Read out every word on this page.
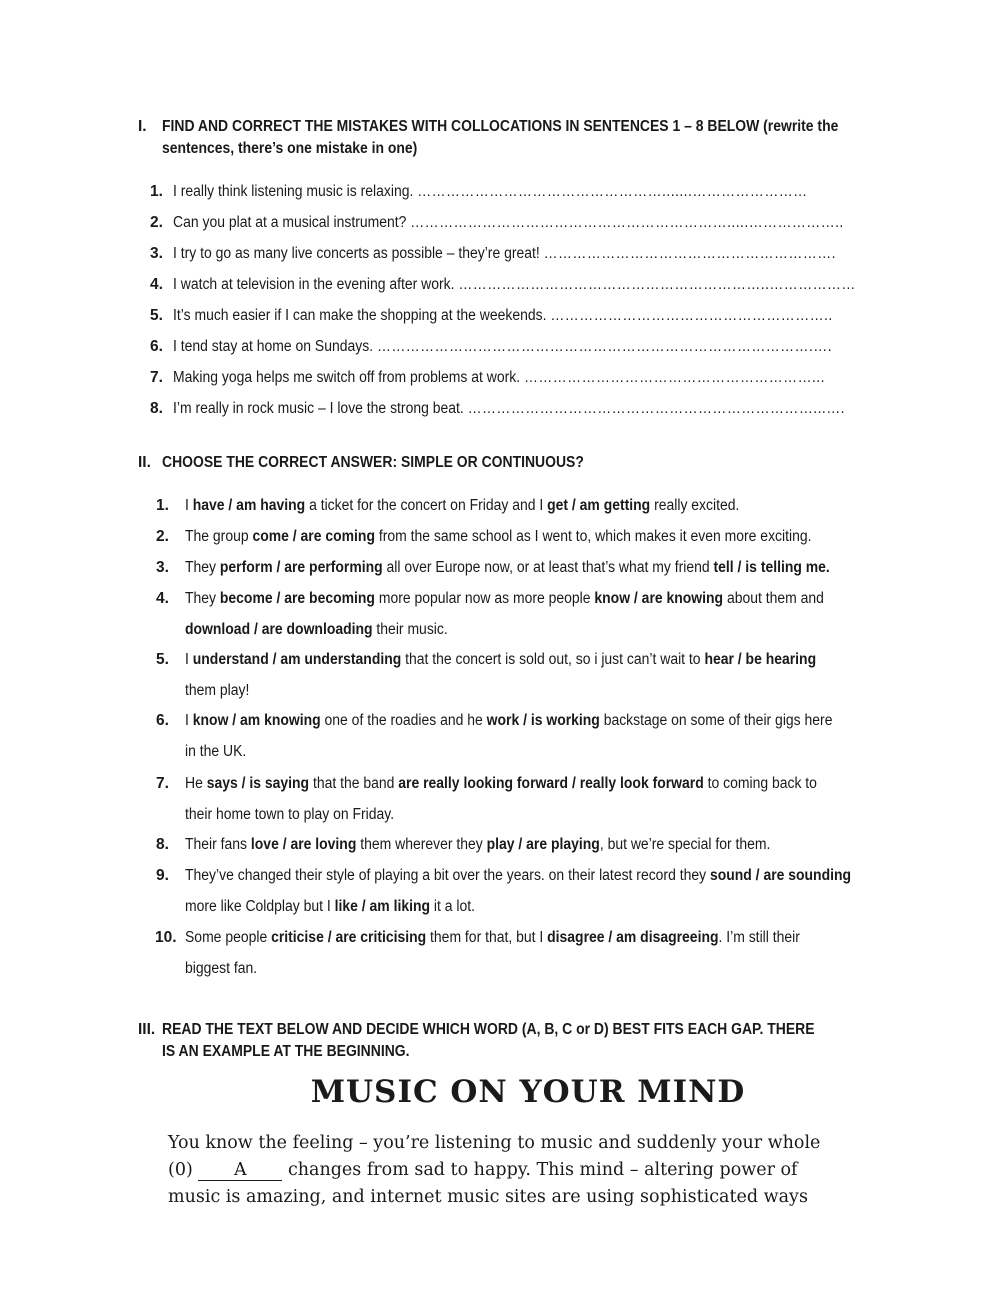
I. FIND AND CORRECT THE MISTAKES WITH COLLOCATIONS IN SENTENCES 1 – 8 BELOW (rewrite the
sentences, there’s one mistake in one)
1. I really think listening music is relaxing. …………………………………………….......……………………
2. Can you plat at a musical instrument? ………………………………………………………….....………………..
3. I try to go as many live concerts as possible – they’re great! …………………………………………………….
4. I watch at television in the evening after work. ………………………………………………………..………………
5. It’s much easier if I can make the shopping at the weekends. …………………………………………………..
6. I tend stay at home on Sundays. ……………………………………………………………………………….….
7. Making yoga helps me switch off from problems at work. ……………………………………………………...
8. I’m really in rock music – I love the strong beat. ………………………………………………………………...….
II. CHOOSE THE CORRECT ANSWER: SIMPLE OR CONTINUOUS?
1. I have / am having a ticket for the concert on Friday and I get / am getting really excited.
2. The group come / are coming from the same school as I went to, which makes it even more exciting.
3. They perform / are performing all over Europe now, or at least that’s what my friend tell / is telling me.
4. They become / are becoming more popular now as more people know / are knowing about them and
download / are downloading their music.
5. I understand / am understanding that the concert is sold out, so i just can’t wait to hear / be hearing
them play!
6. I know / am knowing one of the roadies and he work / is working backstage on some of their gigs here
in the UK.
7. He says / is saying that the band are really looking forward / really look forward to coming back to
their home town to play on Friday.
8. Their fans love / are loving them wherever they play / are playing, but we’re special for them.
9. They’ve changed their style of playing a bit over the years. on their latest record they sound / are sounding
more like Coldplay but I like / am liking it a lot.
10. Some people criticise / are criticising them for that, but I disagree / am disagreeing. I’m still their
biggest fan.
III. READ THE TEXT BELOW AND DECIDE WHICH WORD (A, B, C or D) BEST FITS EACH GAP. THERE
IS AN EXAMPLE AT THE BEGINNING.
MUSIC ON YOUR MIND
You know the feeling – you’re listening to music and suddenly your whole
(0) A changes from sad to happy. This mind – altering power of
music is amazing, and internet music sites are using sophisticated ways
